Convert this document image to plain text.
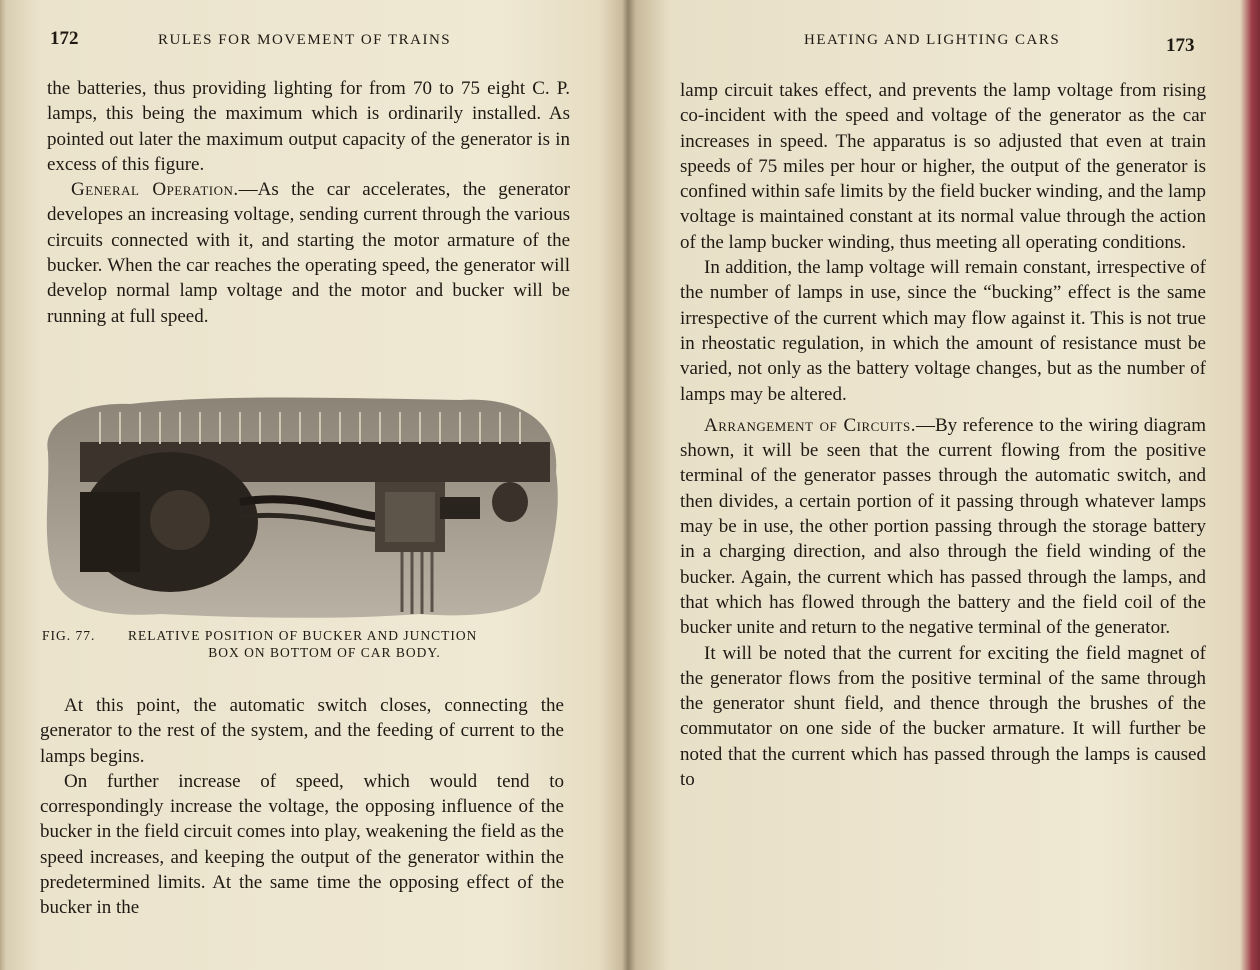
172	RULES FOR MOVEMENT OF TRAINS

the batteries, thus providing lighting for from 70 to 75 eight C. P. lamps, this being the maximum which is ordinarily installed. As pointed out later the maximum output capacity of the generator is in excess of this figure.

General Operation.—As the car accelerates, the generator developes an increasing voltage, sending current through the various circuits connected with it, and starting the motor armature of the bucker. When the car reaches the operating speed, the generator will develop normal lamp voltage and the motor and bucker will be running at full speed.

FIG. 77. RELATIVE POSITION OF BUCKER AND JUNCTION
BOX ON BOTTOM OF CAR BODY.

At this point, the automatic switch closes, connecting the generator to the rest of the system, and the feeding of current to the lamps begins.

On further increase of speed, which would tend to correspondingly increase the voltage, the opposing influence of the bucker in the field circuit comes into play, weakening the field as the speed increases, and keeping the output of the generator within the predetermined limits. At the same time the opposing effect of the bucker in the

HEATING AND LIGHTING CARS	173

lamp circuit takes effect, and prevents the lamp voltage from rising co-incident with the speed and voltage of the generator as the car increases in speed. The apparatus is so adjusted that even at train speeds of 75 miles per hour or higher, the output of the generator is confined within safe limits by the field bucker winding, and the lamp voltage is maintained constant at its normal value through the action of the lamp bucker winding, thus meeting all operating conditions.

In addition, the lamp voltage will remain constant, irrespective of the number of lamps in use, since the “bucking” effect is the same irrespective of the current which may flow against it. This is not true in rheostatic regulation, in which the amount of resistance must be varied, not only as the battery voltage changes, but as the number of lamps may be altered.

Arrangement of Circuits.—By reference to the wiring diagram shown, it will be seen that the current flowing from the positive terminal of the generator passes through the automatic switch, and then divides, a certain portion of it passing through whatever lamps may be in use, the other portion passing through the storage battery in a charging direction, and also through the field winding of the bucker. Again, the current which has passed through the lamps, and that which has flowed through the battery and the field coil of the bucker unite and return to the negative terminal of the generator.

It will be noted that the current for exciting the field magnet of the generator flows from the positive terminal of the same through the generator shunt field, and thence through the brushes of the commutator on one side of the bucker armature. It will further be noted that the current which has passed through the lamps is caused to
